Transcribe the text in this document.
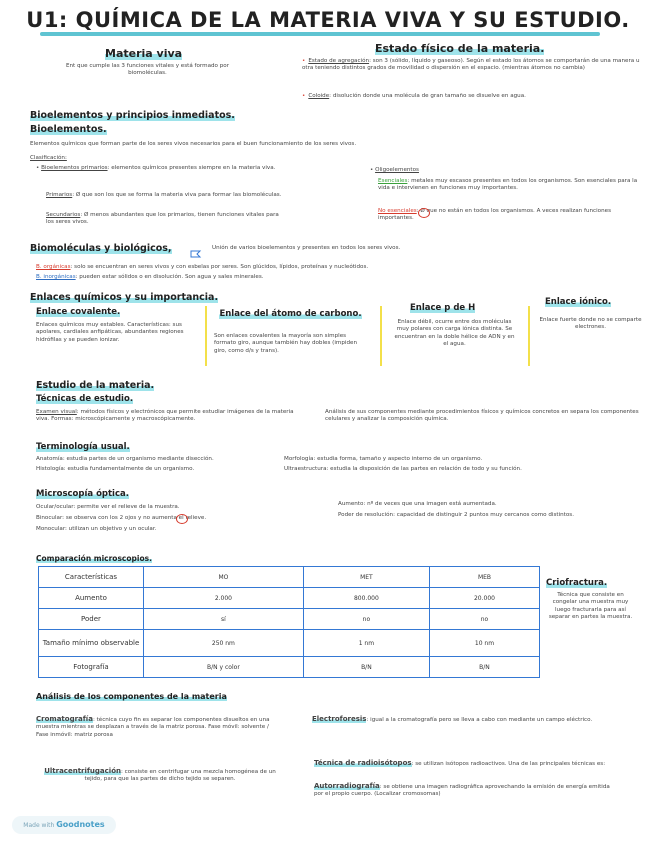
U1: QUÍMICA DE LA MATERIA VIVA Y SU ESTUDIO.
Materia viva
Ent que cumple las 3 funciones vitales y está formado por biomoléculas.
Estado físico de la materia.
• Estado de agregación: son 3 (sólido, líquido y gaseoso). Según el estado los átomos se comportarán de una manera u otra teniendo distintos grados de movilidad o dispersión en el espacio. (mientras átomos no cambia)
• Coloide: disolución donde una molécula de gran tamaño se disuelve en agua.
Bioelementos y principios inmediatos.
Bioelementos.
Elementos químicos que forman parte de los seres vivos necesarios para el buen funcionamiento de los seres vivos.
Clasificación:
• Bioelementos primarios: elementos químicos presentes siempre en la materia viva.
Primarios: Ø que son los que se forma la materia viva para formar las biomoléculas.
Secundarios: Ø menos abundantes que los primarios, tienen funciones vitales para los seres vivos.
• Oligoelementos
Esenciales: metales muy escasos presentes en todos los organismos. Son esenciales para la vida e intervienen en funciones muy importantes.
No esenciales: Ø que no están en todos los organismos. A veces realizan funciones importantes.
Biomoléculas y biológicos,	Unión de varios bioelementos y presentes en todos los seres vivos.
B. orgánicas: solo se encuentran en seres vivos y con esbelas por seres. Son glúcidos, lípidos, proteínas y nucleótidos.
B. inorgánicas: pueden estar sólidos o en disolución. Son agua y sales minerales.
Enlaces químicos y su importancia.
Enlace covalente.
Enlaces químicos muy estables. Características: sus apolares, cardiales anfipáticas, abundantes regiones hidrófilas y se pueden ionizar.
Enlace del átomo de carbono.
Son enlaces covalentes la mayoría son simples formato giro, aunque también hay dobles (impiden giro, como d/s y trans).
Enlace p de H
Enlace débil, ocurre entre dos moléculas muy polares con carga iónica distinta. Se encuentran en la doble hélice de ADN y en el agua.
Enlace iónico.
Enlace fuerte donde no se comparte electrones.
Estudio de la materia.
Técnicas de estudio.
Examen visual: métodos físicos y electrónicos que permite estudiar imágenes de la materia viva. Formas: microscópicamente y macroscópicamente.
Análisis de sus componentes mediante procedimientos físicos y químicos concretos en separa los componentes celulares y analizar la composición química.
Terminología usual.
Anatomía: estudia partes de un organismo mediante disección.
Histología: estudia fundamentalmente de un organismo.
Morfología: estudia forma, tamaño y aspecto interno de un organismo.
Ultraestructura: estudia la disposición de las partes en relación de todo y su función.
Microscopía óptica.
Ocular/ocular: permite ver el relieve de la muestra.
Binocular: se observa con los 2 ojos y no aumenta el relieve.
Monocular: utilizan un objetivo y un ocular.
Aumento: nº de veces que una imagen está aumentada.
Poder de resolución: capacidad de distinguir 2 puntos muy cercanos como distintos.
Comparación microscopios.
Características	MO	MET	MEB
Aumento	2.000	800.000	20.000
Poder	sí	no	no
Tamaño mínimo observable	250 nm	1 nm	10 nm
Fotografía	B/N y color	B/N	B/N
Criofractura.
Técnica que consiste en congelar una muestra muy luego fracturarla para así separar en partes la muestra.
Análisis de los componentes de la materia
Cromatografía: técnica cuyo fin es separar los componentes disueltos en una muestra mientras se desplazan a través de la matriz porosa. Fase móvil: solvente / Fase inmóvil: matriz porosa
Electroforesis: igual a la cromatografía pero se lleva a cabo con mediante un campo eléctrico.
Ultracentrifugación: consiste en centrifugar una mezcla homogénea de un tejido, para que las partes de dicho tejido se separen.
Técnica de radioisótopos: se utilizan isótopos radioactivos. Una de las principales técnicas es:
Autorradiografía: se obtiene una imagen radiográfica aprovechando la emisión de energía emitida por el propio cuerpo. (Localizar cromosomas)
Made with Goodnotes
